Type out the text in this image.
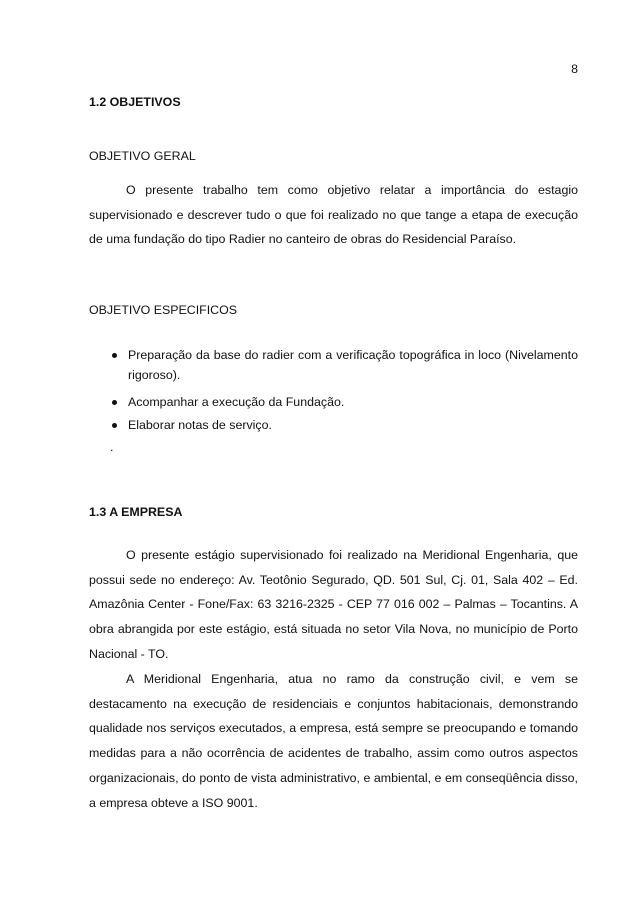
8
1.2 OBJETIVOS
OBJETIVO GERAL

O presente trabalho tem como objetivo relatar a importância do estagio supervisionado e descrever tudo o que foi realizado no que tange a etapa de execução de uma fundação do tipo Radier no canteiro de obras do Residencial Paraíso.

OBJETIVO ESPECIFICOS
Preparação da base do radier com a verificação topográfica in loco (Nivelamento rigoroso).
Acompanhar a execução da Fundação.
Elaborar notas de serviço.
.
1.3 A EMPRESA

O presente estágio supervisionado foi realizado na Meridional Engenharia, que possui sede no endereço: Av. Teotônio Segurado, QD. 501 Sul, Cj. 01, Sala 402 – Ed. Amazônia Center - Fone/Fax: 63 3216-2325 - CEP 77 016 002 – Palmas – Tocantins. A obra abrangida por este estágio, está situada no setor Vila Nova, no município de Porto Nacional - TO.

A Meridional Engenharia, atua no ramo da construção civil, e vem se destacamento na execução de residenciais e conjuntos habitacionais, demonstrando qualidade nos serviços executados, a empresa, está sempre se preocupando e tomando medidas para a não ocorrência de acidentes de trabalho, assim como outros aspectos organizacionais, do ponto de vista administrativo, e ambiental, e em conseqüência disso, a empresa obteve a ISO 9001.
